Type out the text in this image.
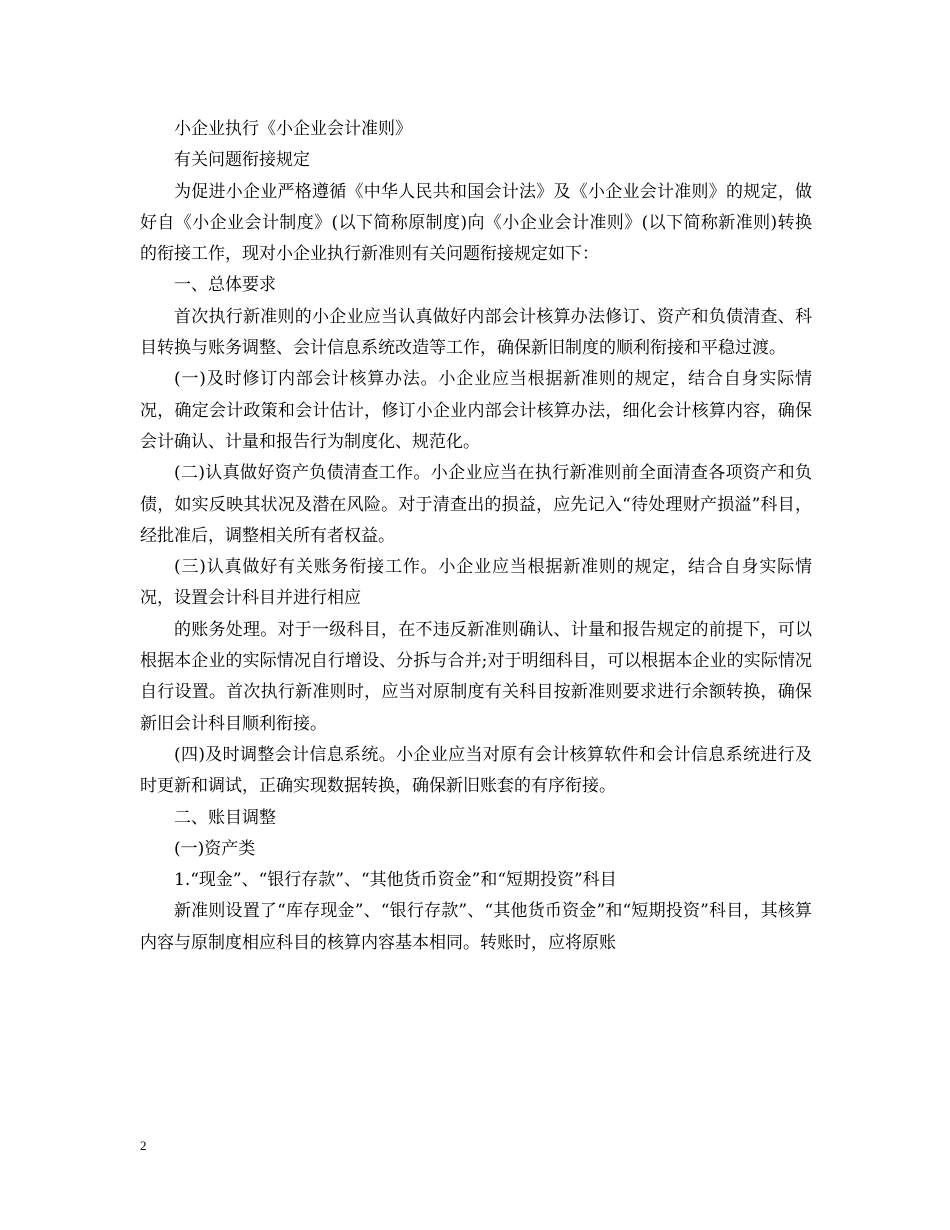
小企业执行《小企业会计准则》

有关问题衔接规定

为促进小企业严格遵循《中华人民共和国会计法》及《小企业会计准则》的规定，做好自《小企业会计制度》(以下简称原制度)向《小企业会计准则》(以下简称新准则)转换的衔接工作，现对小企业执行新准则有关问题衔接规定如下：

一、总体要求

首次执行新准则的小企业应当认真做好内部会计核算办法修订、资产和负债清查、科目转换与账务调整、会计信息系统改造等工作，确保新旧制度的顺利衔接和平稳过渡。

(一)及时修订内部会计核算办法。小企业应当根据新准则的规定，结合自身实际情况，确定会计政策和会计估计，修订小企业内部会计核算办法，细化会计核算内容，确保会计确认、计量和报告行为制度化、规范化。

(二)认真做好资产负债清查工作。小企业应当在执行新准则前全面清查各项资产和负债，如实反映其状况及潜在风险。对于清查出的损益，应先记入“待处理财产损溢”科目，经批准后，调整相关所有者权益。

(三)认真做好有关账务衔接工作。小企业应当根据新准则的规定，结合自身实际情况，设置会计科目并进行相应

的账务处理。对于一级科目，在不违反新准则确认、计量和报告规定的前提下，可以根据本企业的实际情况自行增设、分拆与合并;对于明细科目，可以根据本企业的实际情况自行设置。首次执行新准则时，应当对原制度有关科目按新准则要求进行余额转换，确保新旧会计科目顺利衔接。

(四)及时调整会计信息系统。小企业应当对原有会计核算软件和会计信息系统进行及时更新和调试，正确实现数据转换，确保新旧账套的有序衔接。

二、账目调整

(一)资产类

1.“现金”、“银行存款”、“其他货币资金”和“短期投资”科目

新准则设置了“库存现金”、“银行存款”、“其他货币资金”和“短期投资”科目，其核算内容与原制度相应科目的核算内容基本相同。转账时，应将原账

2
